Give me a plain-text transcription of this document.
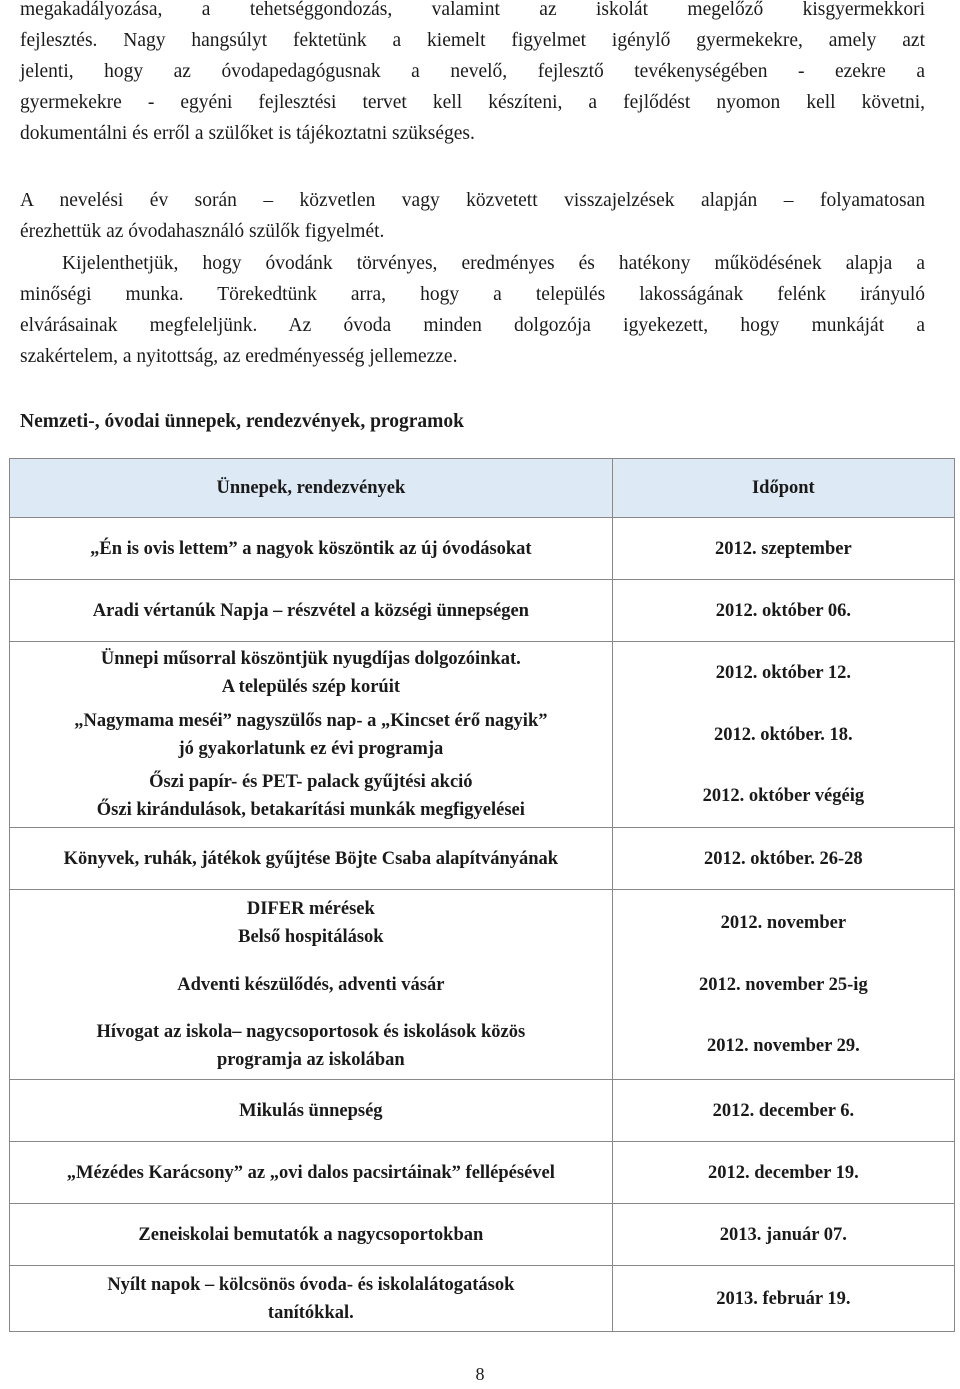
megakadályozása, a tehetséggondozás, valamint az iskolát megelőző kisgyermekkori
fejlesztés. Nagy hangsúlyt fektetünk a kiemelt figyelmet igénylő gyermekekre, amely azt
jelenti, hogy az óvodapedagógusnak a nevelő, fejlesztő tevékenységében - ezekre a
gyermekekre - egyéni fejlesztési tervet kell készíteni, a fejlődést nyomon kell követni,
dokumentálni és erről a szülőket is tájékoztatni szükséges.
A nevelési év során – közvetlen vagy közvetett visszajelzések alapján – folyamatosan
érezhettük az óvodahasználó szülők figyelmét.
Kijelenthetjük, hogy óvodánk törvényes, eredményes és hatékony működésének alapja a
minőségi munka. Törekedtünk arra, hogy a település lakosságának felénk irányuló
elvárásainak megfeleljünk. Az óvoda minden dolgozója igyekezett, hogy munkáját a
szakértelem, a nyitottság, az eredményesség jellemezze.
Nemzeti-, óvodai ünnepek, rendezvények, programok
Ünnepek, rendezvények	Időpont

„Én is ovis lettem” a nagyok köszöntik az új óvodásokat	2012. szeptember

Aradi vértanúk Napja – részvétel a községi ünnepségen	2012. október 06.

Ünnepi műsorral köszöntjük nyugdíjas dolgozóinkat.
A település szép korúit	2012. október 12.

„Nagymama meséi” nagyszülős nap- a „Kincset érő nagyik”
jó gyakorlatunk ez évi programja	2012. október. 18.

Őszi papír- és PET- palack gyűjtési akció
Őszi kirándulások, betakarítási munkák megfigyelései	2012. október végéig

Könyvek, ruhák, játékok gyűjtése Böjte Csaba alapítványának	2012. október. 26-28

DIFER mérések
Belső hospitálások	2012. november

Adventi készülődés, adventi vásár	2012. november 25-ig

Hívogat az iskola– nagycsoportosok és iskolások közös
programja az iskolában	2012. november 29.

Mikulás ünnepség	2012. december 6.

„Mézédes Karácsony” az „ovi dalos pacsirtáinak” fellépésével	2012. december 19.

Zeneiskolai bemutatók a nagycsoportokban	2013. január 07.

Nyílt napok – kölcsönös óvoda- és iskolalátogatások
tanítókkal.	2013. február 19.
8
